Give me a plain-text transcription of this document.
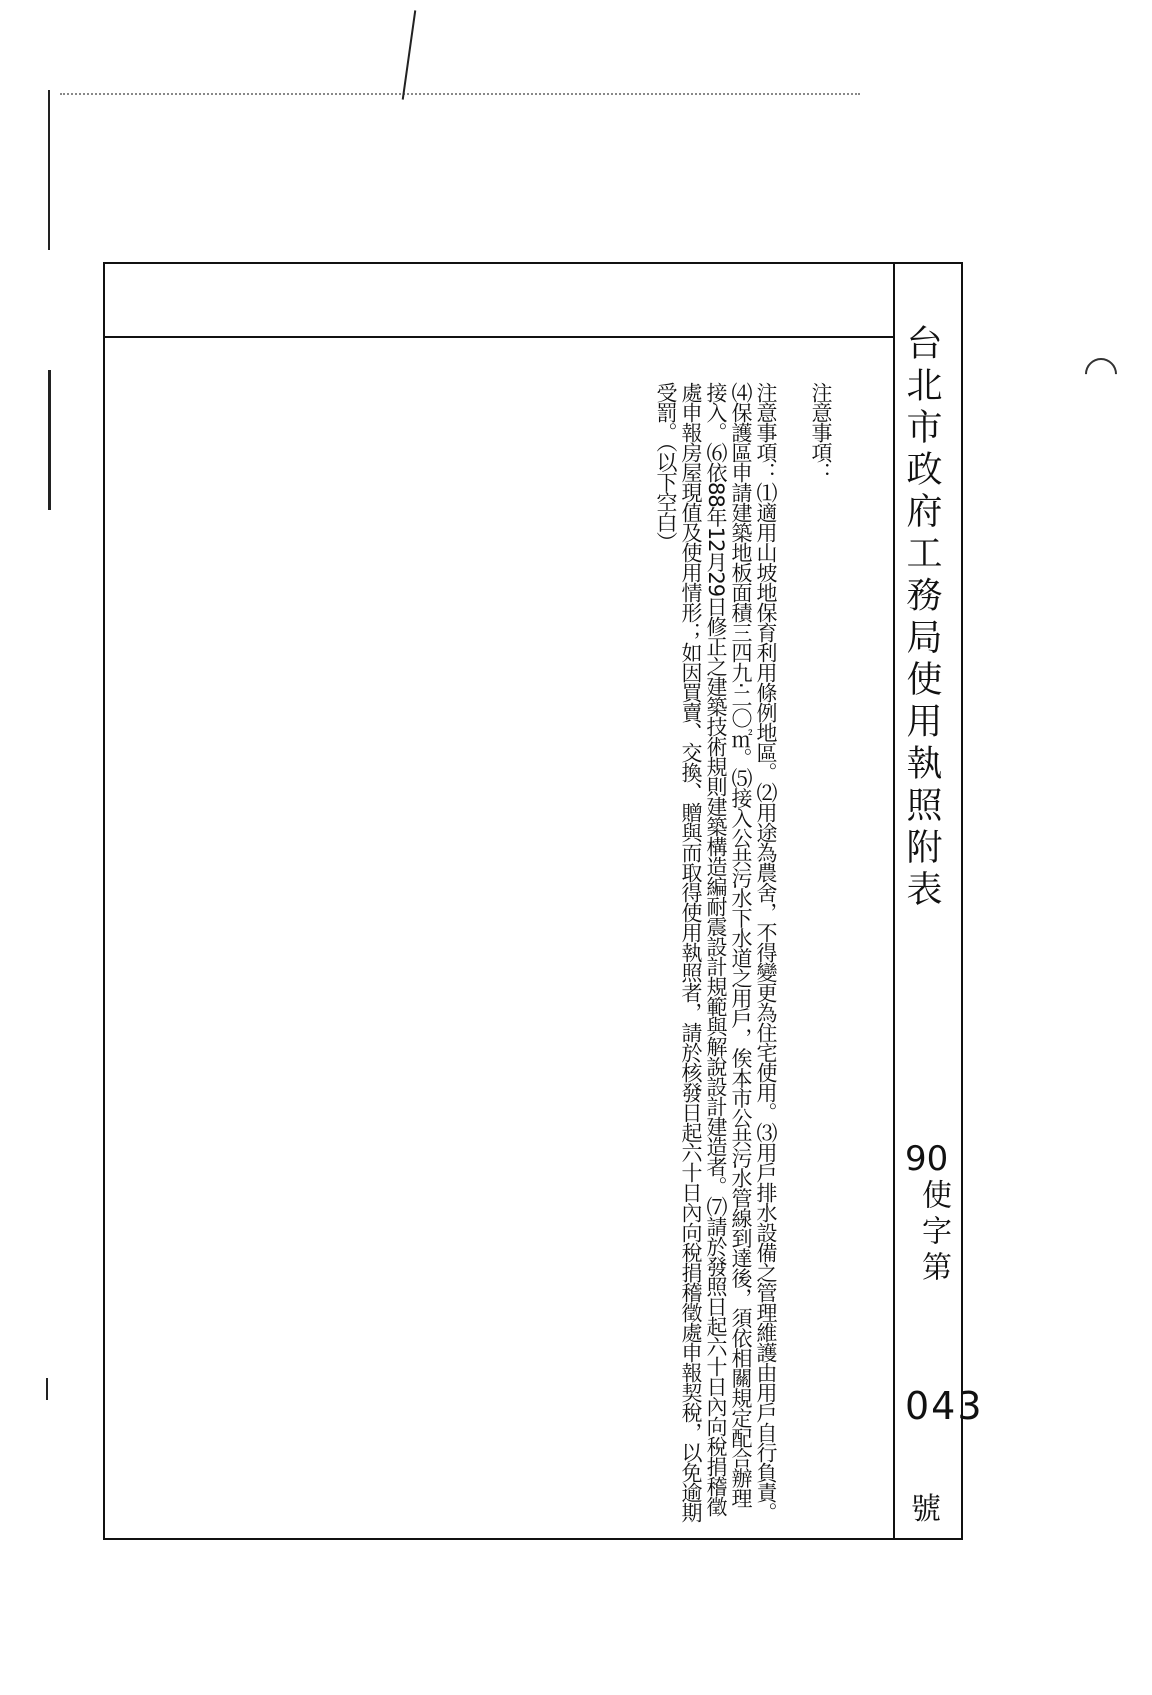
注意事項：
注意事項：⑴適用山坡地保育利用條例地區。⑵用途為農舍，不得變更為住宅使用。⑶用戶排水設備之管理維護由用戶自行負責。⑷保護區申請建築地板面積三四九·二〇㎡。⑸接入公共污水下水道之用戶，俟本市公共污水管線到達後，須依相關規定配合辦理接入。⑹依88年12月29日修正之建築技術規則建築構造編耐震設計規範與解說設計建造者。⑺請於發照日起六十日內向稅捐稽徵處申報房屋現值及使用情形；如因買賣、交換、贈與而取得使用執照者，請於核發日起六十日內向稅捐稽徵處申報契稅，以免逾期受罰。（以下空白）	台北市政府工務局使用執照附表
90
使字第
043
號
